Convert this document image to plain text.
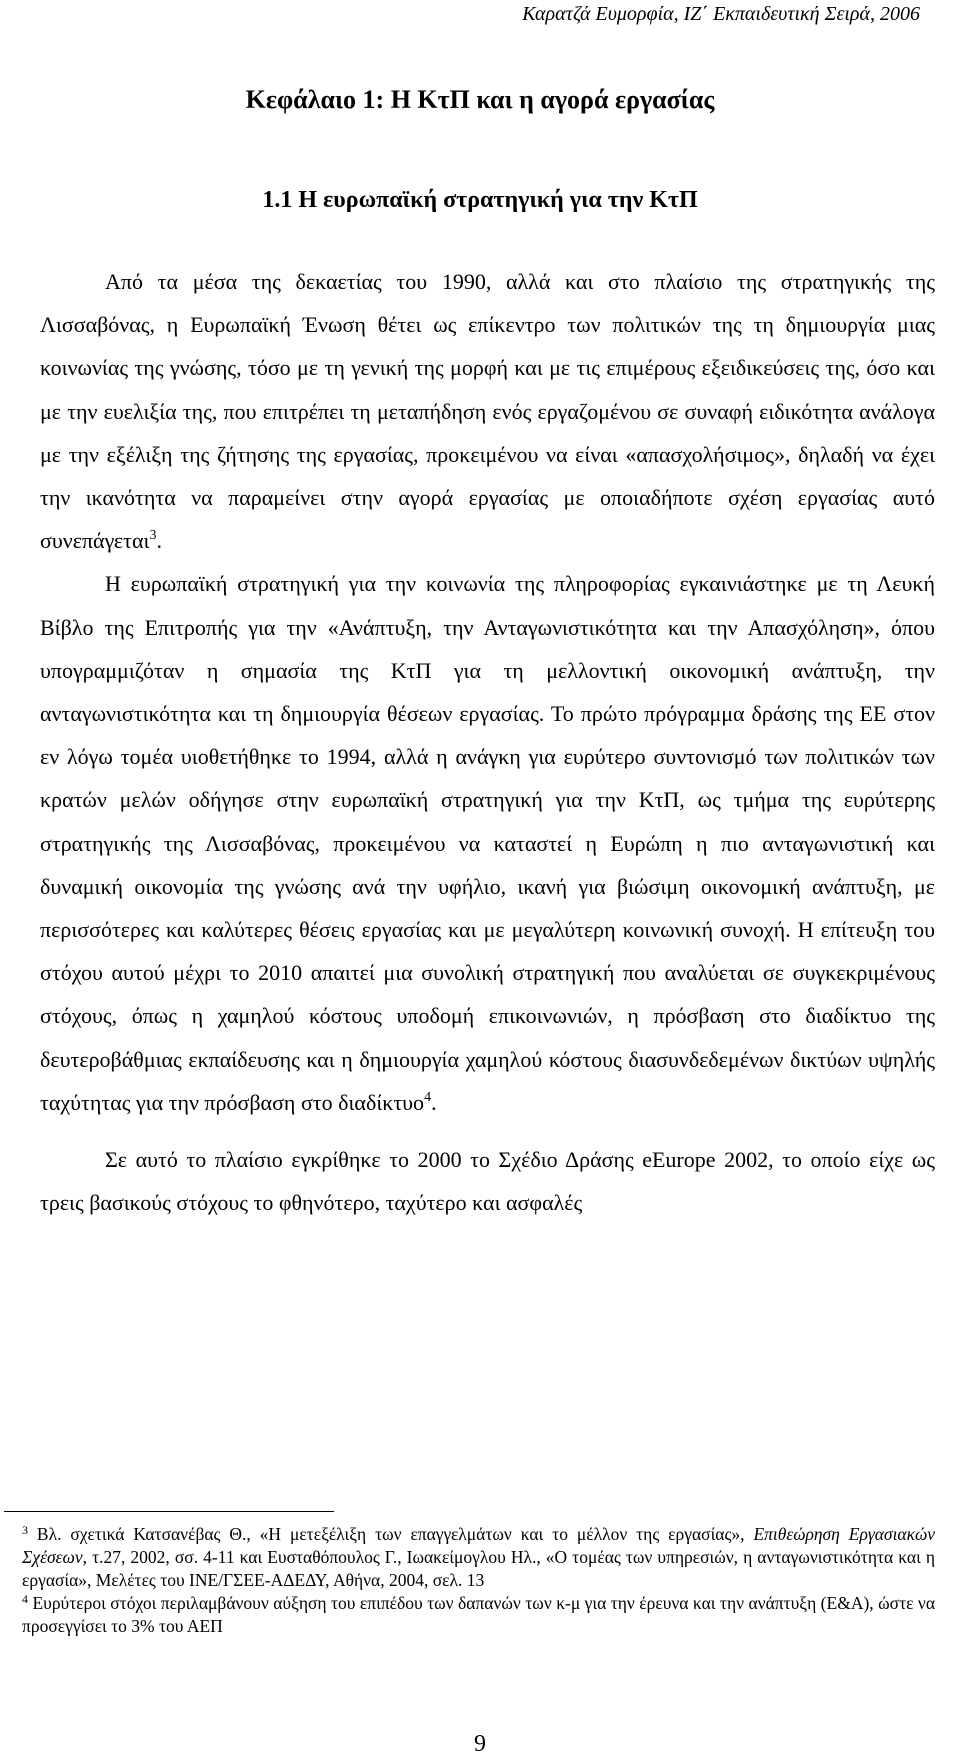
Καρατζά Ευμορφία, ΙΖ΄ Εκπαιδευτική Σειρά, 2006
Κεφάλαιο 1: Η ΚτΠ και η αγορά εργασίας
1.1 Η ευρωπαϊκή στρατηγική για την ΚτΠ

Από τα μέσα της δεκαετίας του 1990, αλλά και στο πλαίσιο της στρατηγικής της Λισσαβόνας, η Ευρωπαϊκή Ένωση θέτει ως επίκεντρο των πολιτικών της τη δημιουργία μιας κοινωνίας της γνώσης, τόσο με τη γενική της μορφή και με τις επιμέρους εξειδικεύσεις της, όσο και με την ευελιξία της, που επιτρέπει τη μεταπήδηση ενός εργαζομένου σε συναφή ειδικότητα ανάλογα με την εξέλιξη της ζήτησης της εργασίας, προκειμένου να είναι «απασχολήσιμος», δηλαδή να έχει την ικανότητα να παραμείνει στην αγορά εργασίας με οποιαδήποτε σχέση εργασίας αυτό συνεπάγεται$^3$.

Η ευρωπαϊκή στρατηγική για την κοινωνία της πληροφορίας εγκαινιάστηκε με τη Λευκή Βίβλο της Επιτροπής για την «Ανάπτυξη, την Ανταγωνιστικότητα και την Απασχόληση», όπου υπογραμμιζόταν η σημασία της ΚτΠ για τη μελλοντική οικονομική ανάπτυξη, την ανταγωνιστικότητα και τη δημιουργία θέσεων εργασίας. Το πρώτο πρόγραμμα δράσης της ΕΕ στον εν λόγω τομέα υιοθετήθηκε το 1994, αλλά η ανάγκη για ευρύτερο συντονισμό των πολιτικών των κρατών μελών οδήγησε στην ευρωπαϊκή στρατηγική για την ΚτΠ, ως τμήμα της ευρύτερης στρατηγικής της Λισσαβόνας, προκειμένου να καταστεί η Ευρώπη η πιο ανταγωνιστική και δυναμική οικονομία της γνώσης ανά την υφήλιο, ικανή για βιώσιμη οικονομική ανάπτυξη, με περισσότερες και καλύτερες θέσεις εργασίας και με μεγαλύτερη κοινωνική συνοχή. Η επίτευξη του στόχου αυτού μέχρι το 2010 απαιτεί μια συνολική στρατηγική που αναλύεται σε συγκεκριμένους στόχους, όπως η χαμηλού κόστους υποδομή επικοινωνιών, η πρόσβαση στο διαδίκτυο της δευτεροβάθμιας εκπαίδευσης και η δημιουργία χαμηλού κόστους διασυνδεδεμένων δικτύων υψηλής ταχύτητας για την πρόσβαση στο διαδίκτυο$^4$.

Σε αυτό το πλαίσιο εγκρίθηκε το 2000 το Σχέδιο Δράσης eEurope 2002, το οποίο είχε ως τρεις βασικούς στόχους το φθηνότερο, ταχύτερο και ασφαλές

$^3$ Βλ. σχετικά Κατσανέβας Θ., «Η μετεξέλιξη των επαγγελμάτων και το μέλλον της εργασίας», Επιθεώρηση Εργασιακών Σχέσεων, τ.27, 2002, σσ. 4-11 και Ευσταθόπουλος Γ., Ιωακείμογλου Ηλ., «Ο τομέας των υπηρεσιών, η ανταγωνιστικότητα και η εργασία», Μελέτες του ΙΝΕ/ΓΣΕΕ-ΑΔΕΔΥ, Αθήνα, 2004, σελ. 13

$^4$ Ευρύτεροι στόχοι περιλαμβάνουν αύξηση του επιπέδου των δαπανών των κ-μ για την έρευνα και την ανάπτυξη (Ε&Α), ώστε να προσεγγίσει το 3% του ΑΕΠ

9
